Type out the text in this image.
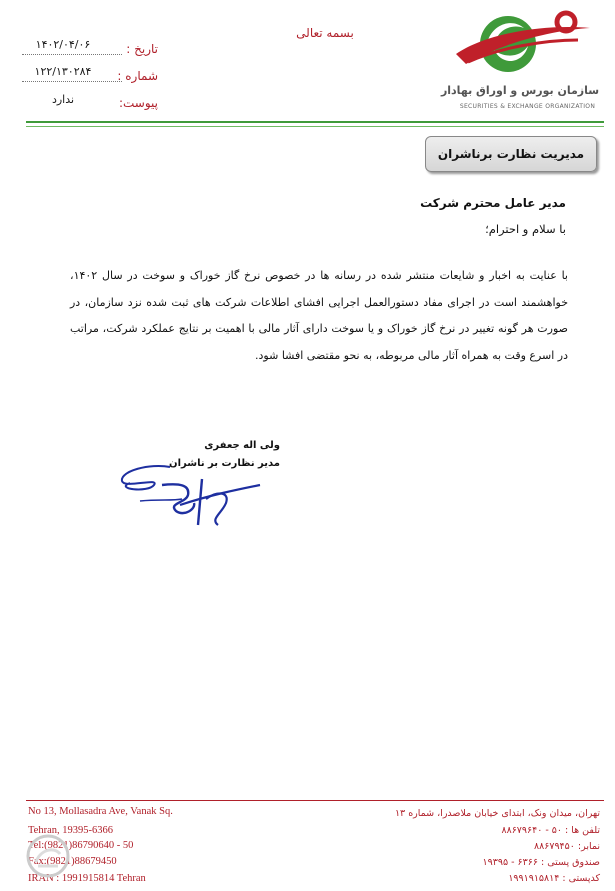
بسمه تعالی
تاریخ :
۱۴۰۲/۰۴/۰۶
شماره :
۱۲۲/۱۳۰۲۸۴
پیوست:
ندارد
سازمان بورس و اوراق بهادار
SECURITIES & EXCHANGE ORGANIZATION
مدیریت نظارت برناشران
مدیر عامل محترم شرکت
با سلام و احترام؛
با عنایت به اخبار و شایعات منتشر شده در رسانه ها در خصوص نرخ گاز خوراک و سوخت در سال ۱۴۰۲، خواهشمند است در اجرای مفاد دستورالعمل اجرایی افشای اطلاعات شرکت های ثبت شده نزد سازمان، در صورت هر گونه تغییر در نرخ گاز خوراک و یا سوخت دارای آثار مالی با اهمیت بر نتایج عملکرد شرکت، مراتب در اسرع وقت به همراه آثار مالی مربوطه، به نحو مقتضی افشا شود.
ولی اله جعفری
مدیر نظارت بر ناشران
No 13, Mollasadra Ave, Vanak Sq.
Tehran, 19395-6366
Tel:(9821)86790640 - 50
Fax:(9821)88679450
IRAN : 1991915814 Tehran
تهران، میدان ونک، ابتدای خیابان ملاصدرا، شماره ۱۳
تلفن ها : ۵۰ - ۸۸۶۷۹۶۴۰
نمابر: ۸۸۶۷۹۴۵۰
صندوق پستی : ۶۳۶۶ - ۱۹۳۹۵
کدپستی : ۱۹۹۱۹۱۵۸۱۴
